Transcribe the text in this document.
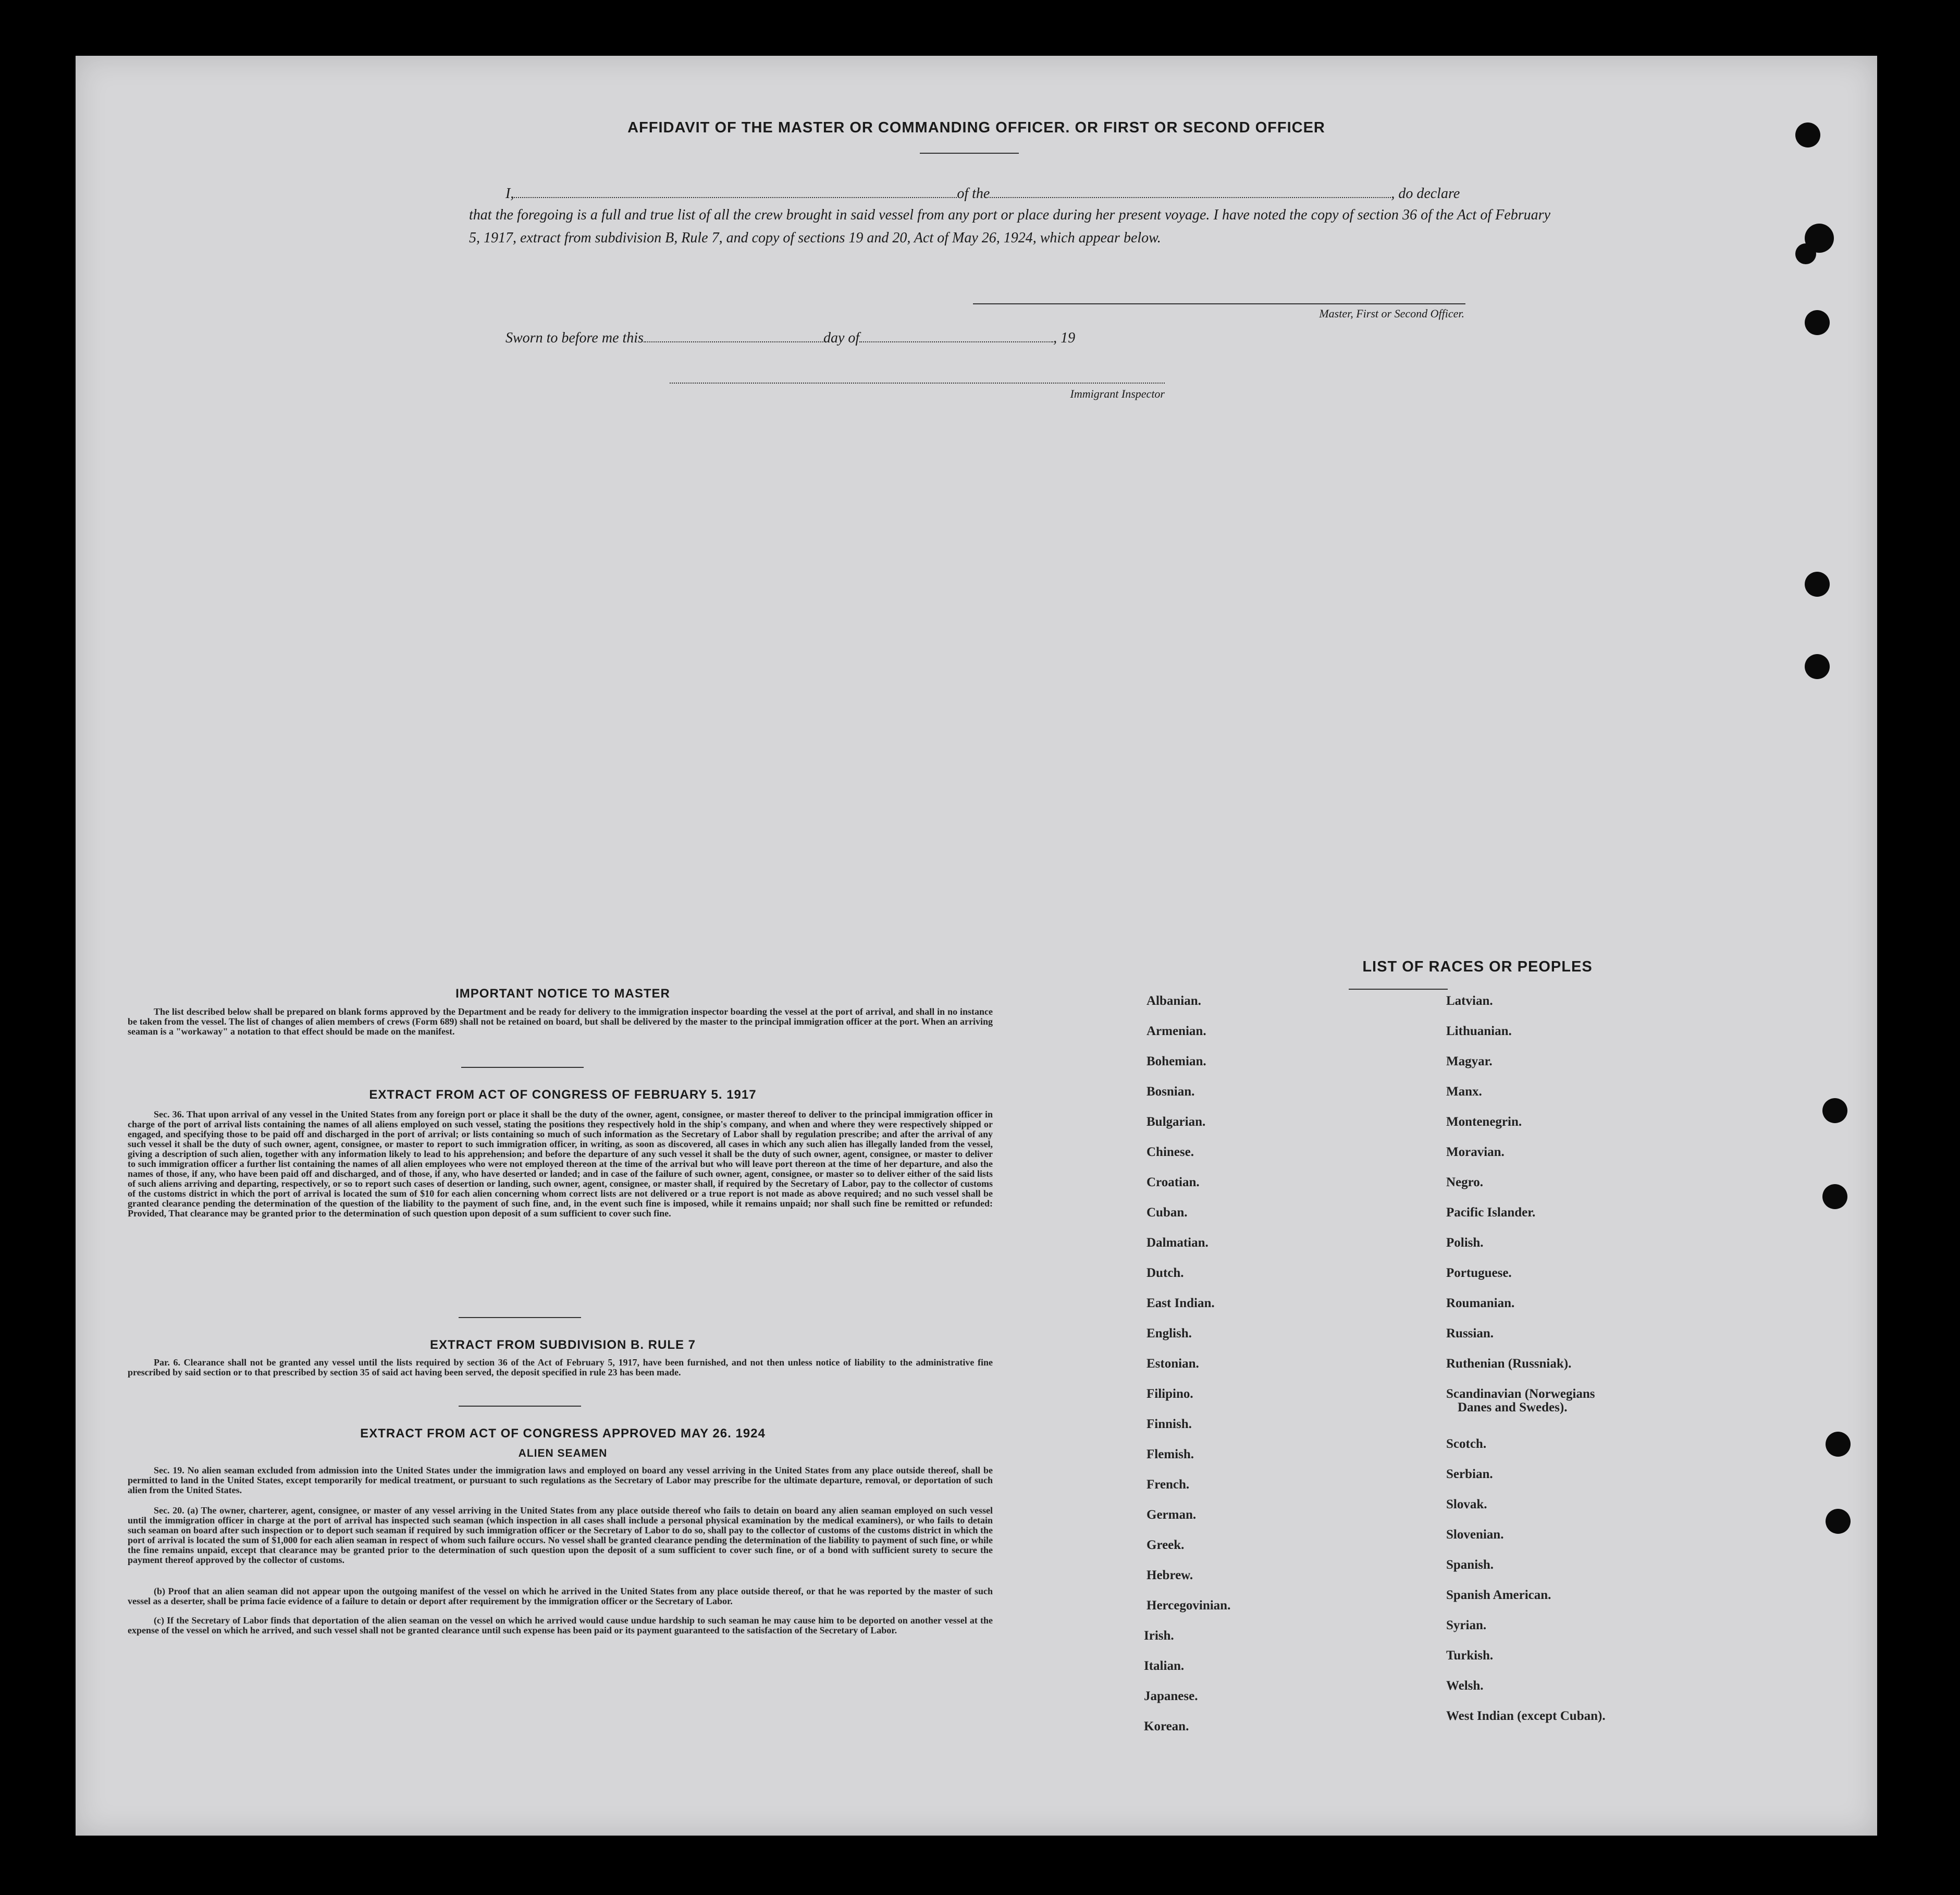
AFFIDAVIT OF THE MASTER OR COMMANDING OFFICER. OR FIRST OR SECOND OFFICER
I,	of the	, do declare
that the foregoing is a full and true list of all the crew brought in said vessel from any port or place during her present voyage. I have noted the copy of section 36 of the Act of February 5, 1917, extract from subdivision B, Rule 7, and copy of sections 19 and 20, Act of May 26, 1924, which appear below.
Master, First or Second Officer.
Sworn to before me this	day of	, 19
Immigrant Inspector
IMPORTANT NOTICE TO MASTER
The list described below shall be prepared on blank forms approved by the Department and be ready for delivery to the immigration inspector boarding the vessel at the port of arrival, and shall in no instance be taken from the vessel. The list of changes of alien members of crews (Form 689) shall not be retained on board, but shall be delivered by the master to the principal immigration officer at the port. When an arriving seaman is a "workaway" a notation to that effect should be made on the manifest.
EXTRACT FROM ACT OF CONGRESS OF FEBRUARY 5. 1917
Sec. 36. That upon arrival of any vessel in the United States from any foreign port or place it shall be the duty of the owner, agent, consignee, or master thereof to deliver to the principal immigration officer in charge of the port of arrival lists containing the names of all aliens employed on such vessel, stating the positions they respectively hold in the ship's company, and when and where they were respectively shipped or engaged, and specifying those to be paid off and discharged in the port of arrival; or lists containing so much of such information as the Secretary of Labor shall by regulation prescribe; and after the arrival of any such vessel it shall be the duty of such owner, agent, consignee, or master to report to such immigration officer, in writing, as soon as discovered, all cases in which any such alien has illegally landed from the vessel, giving a description of such alien, together with any information likely to lead to his apprehension; and before the departure of any such vessel it shall be the duty of such owner, agent, consignee, or master to deliver to such immigration officer a further list containing the names of all alien employees who were not employed thereon at the time of the arrival but who will leave port thereon at the time of her departure, and also the names of those, if any, who have been paid off and discharged, and of those, if any, who have deserted or landed; and in case of the failure of such owner, agent, consignee, or master so to deliver either of the said lists of such aliens arriving and departing, respectively, or so to report such cases of desertion or landing, such owner, agent, consignee, or master shall, if required by the Secretary of Labor, pay to the collector of customs of the customs district in which the port of arrival is located the sum of $10 for each alien concerning whom correct lists are not delivered or a true report is not made as above required; and no such vessel shall be granted clearance pending the determination of the question of the liability to the payment of such fine, and, in the event such fine is imposed, while it remains unpaid; nor shall such fine be remitted or refunded: Provided, That clearance may be granted prior to the determination of such question upon deposit of a sum sufficient to cover such fine.
EXTRACT FROM SUBDIVISION B. RULE 7
Par. 6. Clearance shall not be granted any vessel until the lists required by section 36 of the Act of February 5, 1917, have been furnished, and not then unless notice of liability to the administrative fine prescribed by said section or to that prescribed by section 35 of said act having been served, the deposit specified in rule 23 has been made.
EXTRACT FROM ACT OF CONGRESS APPROVED MAY 26. 1924
ALIEN SEAMEN
Sec. 19. No alien seaman excluded from admission into the United States under the immigration laws and employed on board any vessel arriving in the United States from any place outside thereof, shall be permitted to land in the United States, except temporarily for medical treatment, or pursuant to such regulations as the Secretary of Labor may prescribe for the ultimate departure, removal, or deportation of such alien from the United States.
Sec. 20. (a) The owner, charterer, agent, consignee, or master of any vessel arriving in the United States from any place outside thereof who fails to detain on board any alien seaman employed on such vessel until the immigration officer in charge at the port of arrival has inspected such seaman (which inspection in all cases shall include a personal physical examination by the medical examiners), or who fails to detain such seaman on board after such inspection or to deport such seaman if required by such immigration officer or the Secretary of Labor to do so, shall pay to the collector of customs of the customs district in which the port of arrival is located the sum of $1,000 for each alien seaman in respect of whom such failure occurs. No vessel shall be granted clearance pending the determination of the liability to payment of such fine, or while the fine remains unpaid, except that clearance may be granted prior to the determination of such question upon the deposit of a sum sufficient to cover such fine, or of a bond with sufficient surety to secure the payment thereof approved by the collector of customs.
(b) Proof that an alien seaman did not appear upon the outgoing manifest of the vessel on which he arrived in the United States from any place outside thereof, or that he was reported by the master of such vessel as a deserter, shall be prima facie evidence of a failure to detain or deport after requirement by the immigration officer or the Secretary of Labor.
(c) If the Secretary of Labor finds that deportation of the alien seaman on the vessel on which he arrived would cause undue hardship to such seaman he may cause him to be deported on another vessel at the expense of the vessel on which he arrived, and such vessel shall not be granted clearance until such expense has been paid or its payment guaranteed to the satisfaction of the Secretary of Labor.
LIST OF RACES OR PEOPLES
Albanian.
Armenian.
Bohemian.
Bosnian.
Bulgarian.
Chinese.
Croatian.
Cuban.
Dalmatian.
Dutch.
East Indian.
English.
Estonian.
Filipino.
Finnish.
Flemish.
French.
German.
Greek.
Hebrew.
Hercegovinian.
Irish.
Italian.
Japanese.
Korean.
Latvian.
Lithuanian.
Magyar.
Manx.
Montenegrin.
Moravian.
Negro.
Pacific Islander.
Polish.
Portuguese.
Roumanian.
Russian.
Ruthenian (Russniak).
Scandinavian (Norwegians
Danes and Swedes).
Scotch.
Serbian.
Slovak.
Slovenian.
Spanish.
Spanish American.
Syrian.
Turkish.
Welsh.
West Indian (except Cuban).
